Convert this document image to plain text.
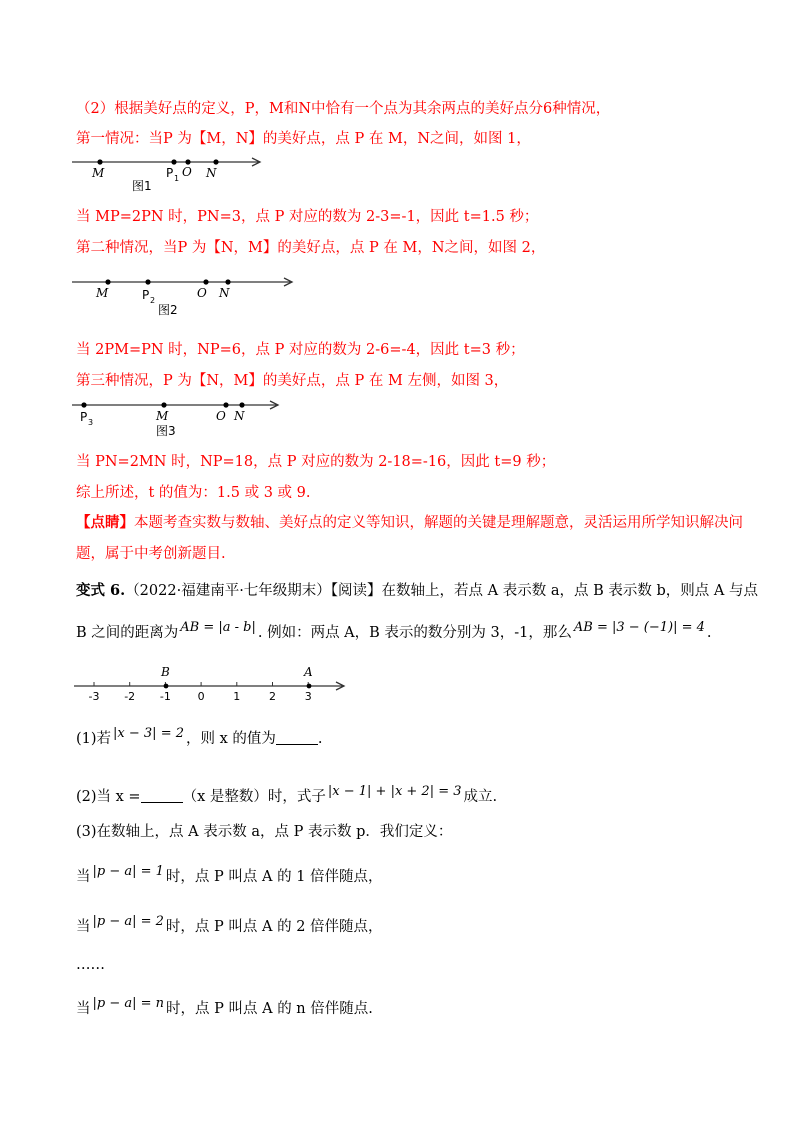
（2）根据美好点的定义，P，M和N中恰有一个点为其余两点的美好点分6种情况，
第一情况：当P 为【M，N】的美好点，点 P 在 M，N之间，如图 1，
M	P 1 O N
图1
当 MP=2PN 时，PN=3，点 P 对应的数为 2-3=-1，因此 t=1.5 秒；
第二种情况，当P 为【N，M】的美好点，点 P 在 M，N之间，如图 2，
M	P 2
O N
图2
当 2PM=PN 时，NP=6，点 P 对应的数为 2-6=-4，因此 t=3 秒；
第三种情况，P 为【N，M】的美好点，点 P 在 M 左侧，如图 3，
P 3	M	O N
图3
当 PN=2MN 时，NP=18，点 P 对应的数为 2-18=-16，因此 t=9 秒；
综上所述，t 的值为：1.5 或 3 或 9.
【点睛】本题考查实数与数轴、美好点的定义等知识，解题的关键是理解题意，灵活运用所学知识解决问
题，属于中考创新题目.
变式 6.（2022·福建南平·七年级期末）【阅读】在数轴上，若点 A 表示数 a，点 B 表示数 b，则点 A 与点
B 之间的距离为 AB = |a - b| . 例如：两点 A，B 表示的数分别为 3，-1，那么 AB = |3 − (−1)| = 4 .
-3 -2 -1 0	1	2	3
B	A
(1)若 |x − 3| = 2 ，则 x 的值为	.
(2)当 x =	（x 是整数）时，式子 |x − 1| + |x + 2| = 3 成立.
(3)在数轴上，点 A 表示数 a，点 P 表示数 p．我们定义：
当 |p − a| = 1 时，点 P 叫点 A 的 1 倍伴随点，
当 |p − a| = 2 时，点 P 叫点 A 的 2 倍伴随点，
……
当 |p − a| = n 时，点 P 叫点 A 的 n 倍伴随点.
